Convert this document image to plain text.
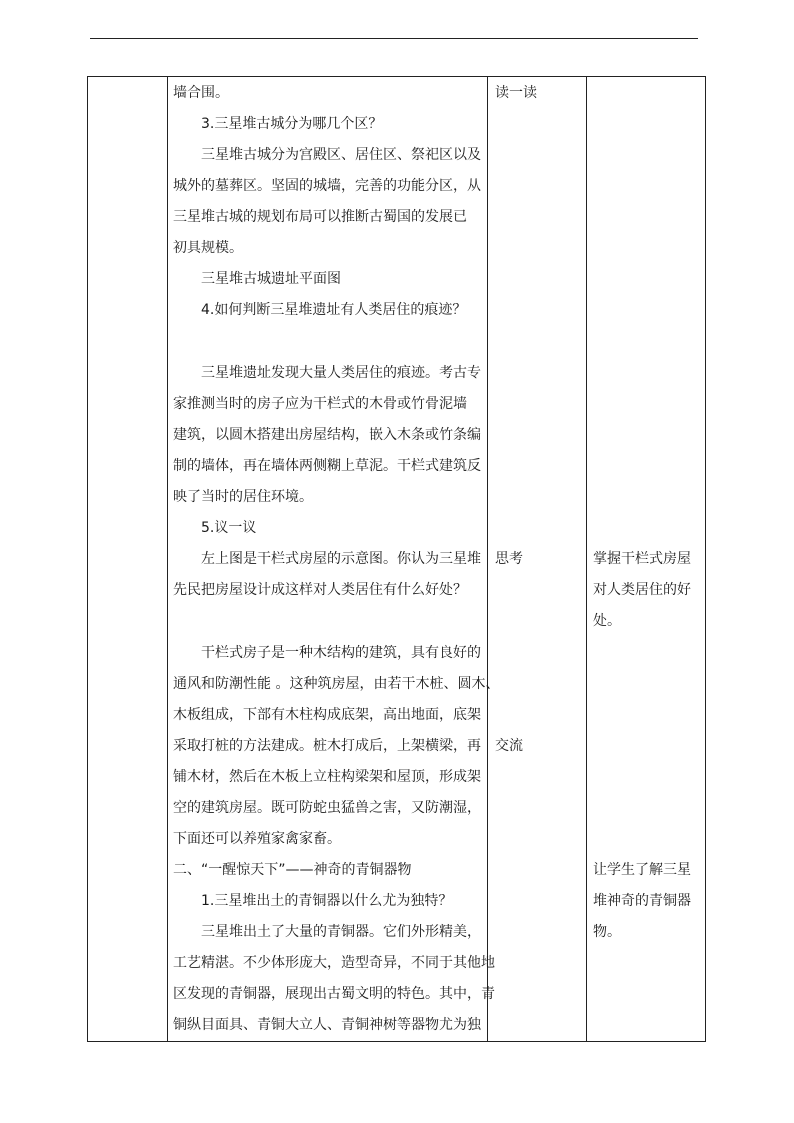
墙合围。
3.三星堆古城分为哪几个区？
三星堆古城分为宫殿区、居住区、祭祀区以及
城外的墓葬区。坚固的城墙，完善的功能分区，从
三星堆古城的规划布局可以推断古蜀国的发展已
初具规模。
三星堆古城遗址平面图
4.如何判断三星堆遗址有人类居住的痕迹？
三星堆遗址发现大量人类居住的痕迹。考古专
家推测当时的房子应为干栏式的木骨或竹骨泥墙
建筑，以圆木搭建出房屋结构，嵌入木条或竹条编
制的墙体，再在墙体两侧糊上草泥。干栏式建筑反
映了当时的居住环境。
5.议一议
左上图是干栏式房屋的示意图。你认为三星堆
先民把房屋设计成这样对人类居住有什么好处？
干栏式房子是一种木结构的建筑，具有良好的
通风和防潮性能 。这种筑房屋，由若干木桩、圆木、
木板组成，下部有木柱构成底架，高出地面，底架
采取打桩的方法建成。桩木打成后，上架横梁，再
铺木材，然后在木板上立柱构梁架和屋顶，形成架
空的建筑房屋。既可防蛇虫猛兽之害，又防潮湿，
下面还可以养殖家禽家畜。
二、“一醒惊天下”——神奇的青铜器物
1.三星堆出土的青铜器以什么尤为独特？
三星堆出土了大量的青铜器。它们外形精美，
工艺精湛。不少体形庞大，造型奇异，不同于其他地
区发现的青铜器，展现出古蜀文明的特色。其中，青
铜纵目面具、青铜大立人、青铜神树等器物尤为独
读一读
思考
交流
掌握干栏式房屋
对人类居住的好
处。
让学生了解三星
堆神奇的青铜器
物。
